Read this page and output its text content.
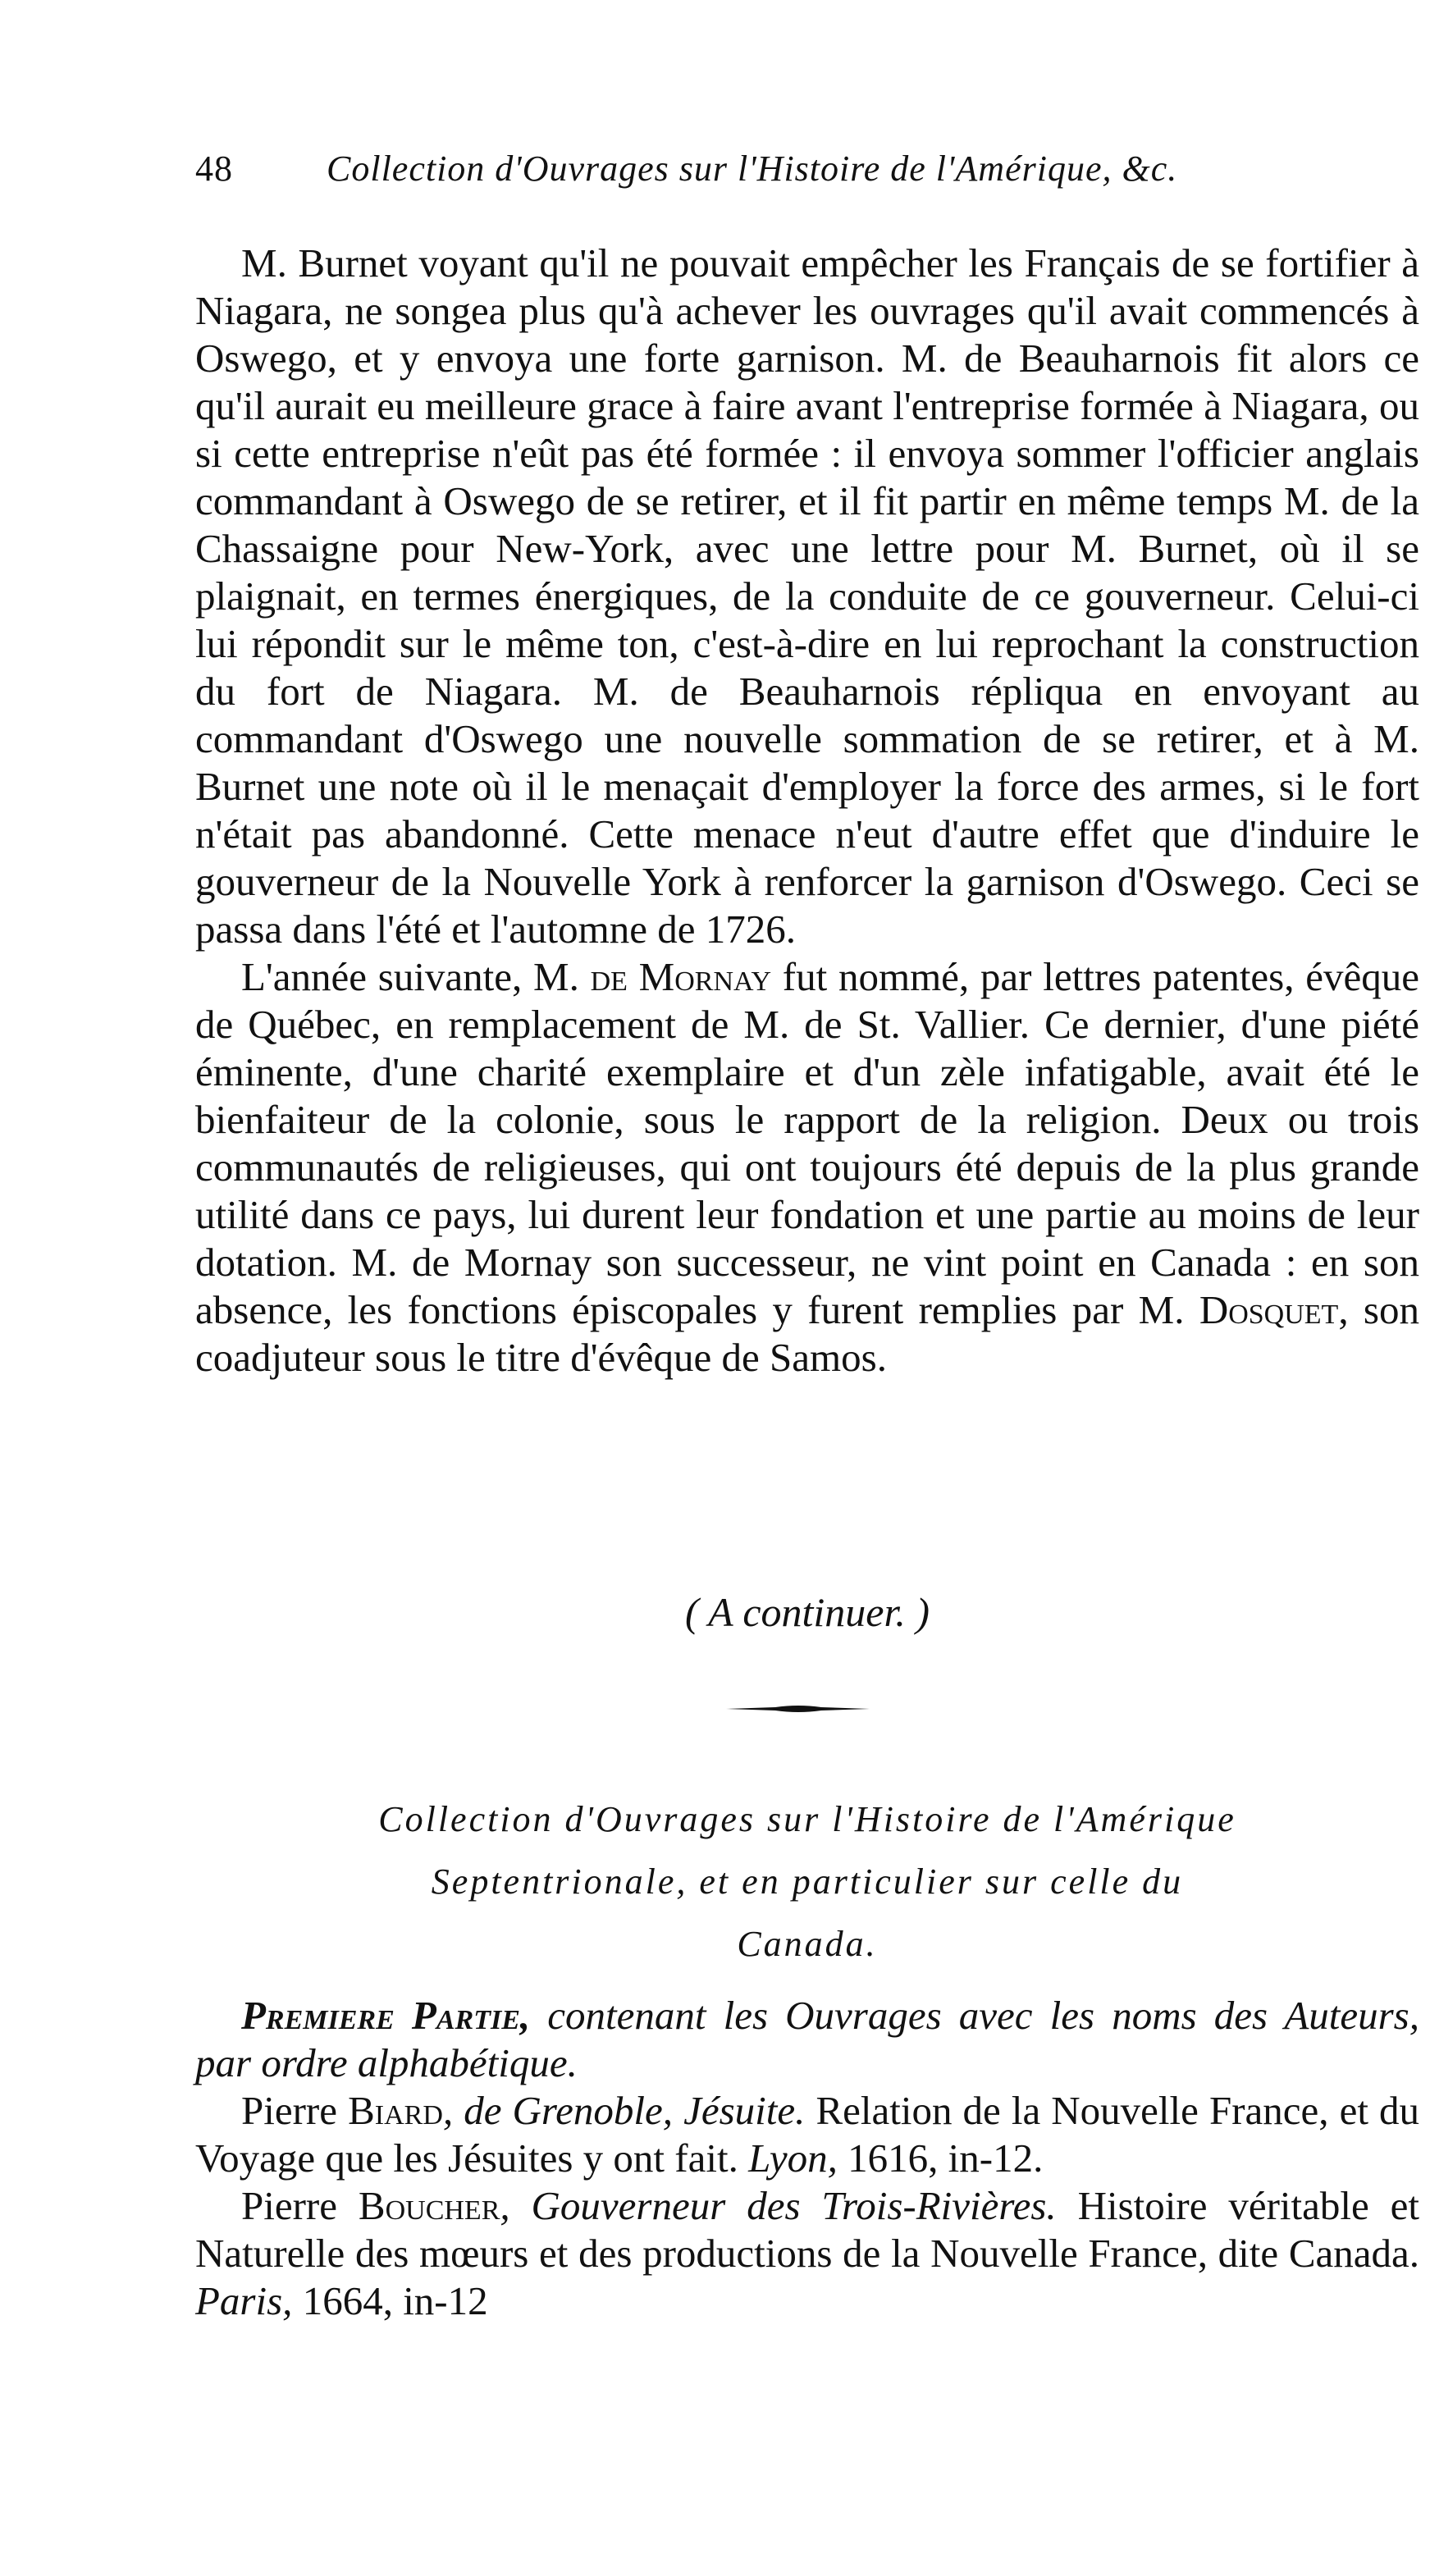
48	Collection d'Ouvrages sur l'Histoire de l'Amérique, &c.

M. Burnet voyant qu'il ne pouvait empêcher les Français de se fortifier à Niagara, ne songea plus qu'à achever les ouvrages qu'il avait commencés à Oswego, et y envoya une forte garnison. M. de Beauharnois fit alors ce qu'il aurait eu meilleure grace à faire avant l'entreprise formée à Niagara, ou si cette entreprise n'eût pas été formée : il envoya sommer l'officier anglais commandant à Oswego de se retirer, et il fit partir en même temps M. de la Chassaigne pour New-York, avec une lettre pour M. Burnet, où il se plaignait, en termes énergiques, de la conduite de ce gouverneur. Celui-ci lui répondit sur le même ton, c'est-à-dire en lui reprochant la construction du fort de Niagara. M. de Beauharnois répliqua en envoyant au commandant d'Oswego une nouvelle sommation de se retirer, et à M. Burnet une note où il le menaçait d'employer la force des armes, si le fort n'était pas abandonné. Cette menace n'eut d'autre effet que d'induire le gouverneur de la Nouvelle York à renforcer la garnison d'Oswego. Ceci se passa dans l'été et l'automne de 1726.

L'année suivante, M. de Mornay fut nommé, par lettres patentes, évêque de Québec, en remplacement de M. de St. Vallier. Ce dernier, d'une piété éminente, d'une charité exemplaire et d'un zèle infatigable, avait été le bienfaiteur de la colonie, sous le rapport de la religion. Deux ou trois communautés de religieuses, qui ont toujours été depuis de la plus grande utilité dans ce pays, lui durent leur fondation et une partie au moins de leur dotation. M. de Mornay son successeur, ne vint point en Canada : en son absence, les fonctions épiscopales y furent remplies par M. Dosquet, son coadjuteur sous le titre d'évêque de Samos.

( A continuer. )
Collection d'Ouvrages sur l'Histoire de l'Amérique
Septentrionale, et en particulier sur celle du
Canada.

Premiere Partie, contenant les Ouvrages avec les noms des Auteurs, par ordre alphabétique.

Pierre Biard, de Grenoble, Jésuite. Relation de la Nouvelle France, et du Voyage que les Jésuites y ont fait. Lyon, 1616, in-12.

Pierre Boucher, Gouverneur des Trois-Rivières. Histoire véritable et Naturelle des mœurs et des productions de la Nouvelle France, dite Canada. Paris, 1664, in-12
